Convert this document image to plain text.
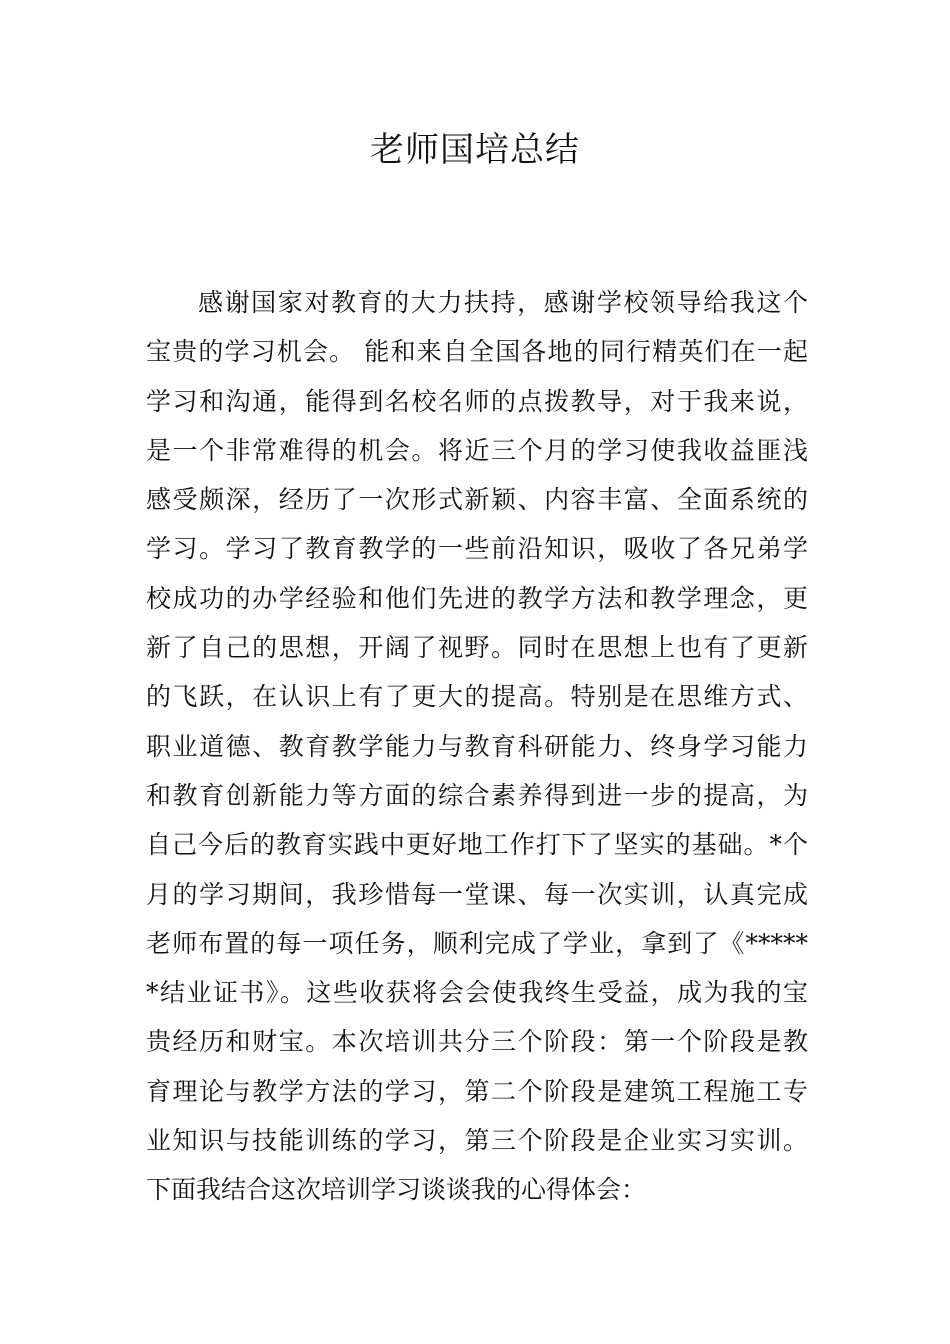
老师国培总结
感谢国家对教育的大力扶持，感谢学校领导给我这个
宝贵的学习机会。 能和来自全国各地的同行精英们在一起
学习和沟通，能得到名校名师的点拨教导，对于我来说，
是一个非常难得的机会。将近三个月的学习使我收益匪浅
感受颇深，经历了一次形式新颖、内容丰富、全面系统的
学习。学习了教育教学的一些前沿知识，吸收了各兄弟学
校成功的办学经验和他们先进的教学方法和教学理念，更
新了自己的思想，开阔了视野。同时在思想上也有了更新
的飞跃，在认识上有了更大的提高。特别是在思维方式、
职业道德、教育教学能力与教育科研能力、终身学习能力
和教育创新能力等方面的综合素养得到进一步的提高，为
自己今后的教育实践中更好地工作打下了坚实的基础。*个
月的学习期间，我珍惜每一堂课、每一次实训，认真完成
老师布置的每一项任务，顺利完成了学业，拿到了《*****
*结业证书》。这些收获将会会使我终生受益，成为我的宝
贵经历和财宝。本次培训共分三个阶段：第一个阶段是教
育理论与教学方法的学习，第二个阶段是建筑工程施工专
业知识与技能训练的学习，第三个阶段是企业实习实训。
下面我结合这次培训学习谈谈我的心得体会：
